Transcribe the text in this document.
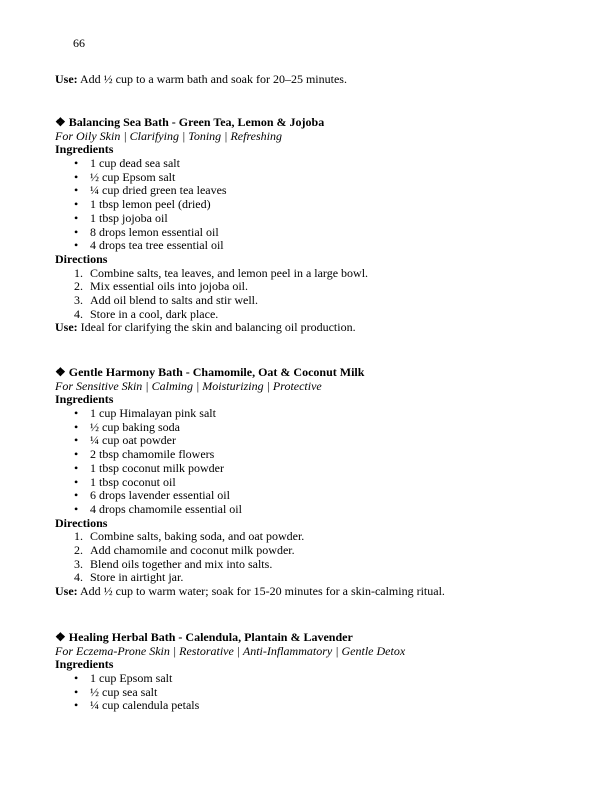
66
Use: Add ½ cup to a warm bath and soak for 20–25 minutes.
❖ Balancing Sea Bath - Green Tea, Lemon & Jojoba
For Oily Skin | Clarifying | Toning | Refreshing
Ingredients
• 1 cup dead sea salt
• ½ cup Epsom salt
• ¼ cup dried green tea leaves
• 1 tbsp lemon peel (dried)
• 1 tbsp jojoba oil
• 8 drops lemon essential oil
• 4 drops tea tree essential oil
Directions
1. Combine salts, tea leaves, and lemon peel in a large bowl.
2. Mix essential oils into jojoba oil.
3. Add oil blend to salts and stir well.
4. Store in a cool, dark place.
Use: Ideal for clarifying the skin and balancing oil production.
❖ Gentle Harmony Bath - Chamomile, Oat & Coconut Milk
For Sensitive Skin | Calming | Moisturizing | Protective
Ingredients
• 1 cup Himalayan pink salt
• ½ cup baking soda
• ¼ cup oat powder
• 2 tbsp chamomile flowers
• 1 tbsp coconut milk powder
• 1 tbsp coconut oil
• 6 drops lavender essential oil
• 4 drops chamomile essential oil
Directions
1. Combine salts, baking soda, and oat powder.
2. Add chamomile and coconut milk powder.
3. Blend oils together and mix into salts.
4. Store in airtight jar.
Use: Add ½ cup to warm water; soak for 15-20 minutes for a skin-calming ritual.
❖ Healing Herbal Bath - Calendula, Plantain & Lavender
For Eczema-Prone Skin | Restorative | Anti-Inflammatory | Gentle Detox
Ingredients
• 1 cup Epsom salt
• ½ cup sea salt
• ¼ cup calendula petals
